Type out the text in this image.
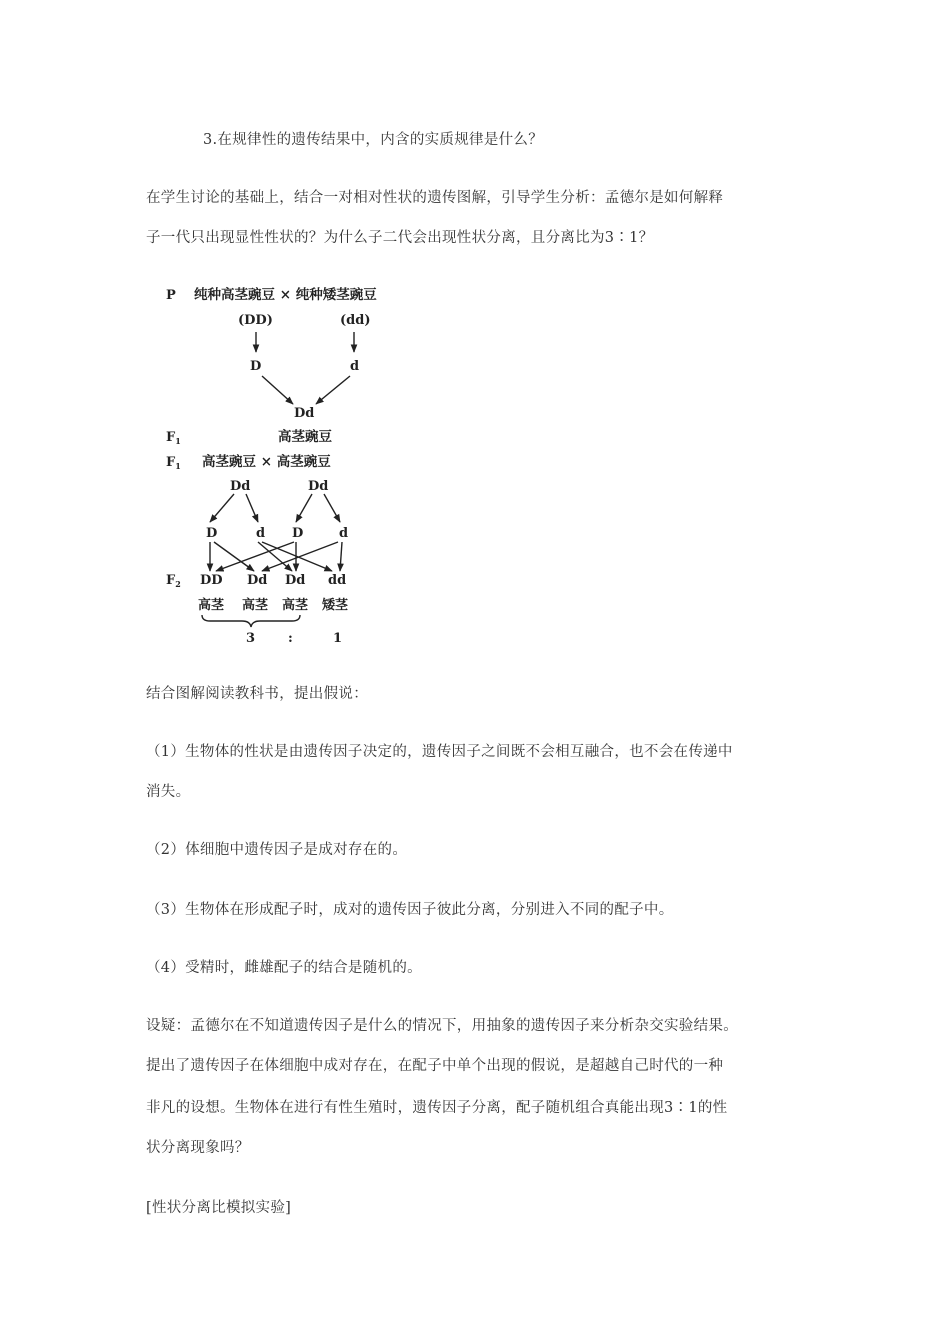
3.在规律性的遗传结果中，内含的实质规律是什么？
在学生讨论的基础上，结合一对相对性状的遗传图解，引导学生分析：孟德尔是如何解释
子一代只出现显性性状的？为什么子二代会出现性状分离，且分离比为3∶1？
P 纯种高茎豌豆 × 纯种矮茎豌豆
(DD)	(dd)
D	d
Dd
$F_1$	高茎豌豆
$F_1$ 高茎豌豆 × 高茎豌豆
Dd	Dd
D	d D	d
$F_2$ DD Dd Dd dd
高茎 高茎 高茎 矮茎
3	:	1
结合图解阅读教科书，提出假说：
（1）生物体的性状是由遗传因子决定的，遗传因子之间既不会相互融合，也不会在传递中
消失。
（2）体细胞中遗传因子是成对存在的。
（3）生物体在形成配子时，成对的遗传因子彼此分离，分别进入不同的配子中。
（4）受精时，雌雄配子的结合是随机的。
设疑：孟德尔在不知道遗传因子是什么的情况下，用抽象的遗传因子来分析杂交实验结果。
提出了遗传因子在体细胞中成对存在，在配子中单个出现的假说，是超越自己时代的一种
非凡的设想。生物体在进行有性生殖时，遗传因子分离，配子随机组合真能出现3∶1的性
状分离现象吗？
[性状分离比模拟实验]
